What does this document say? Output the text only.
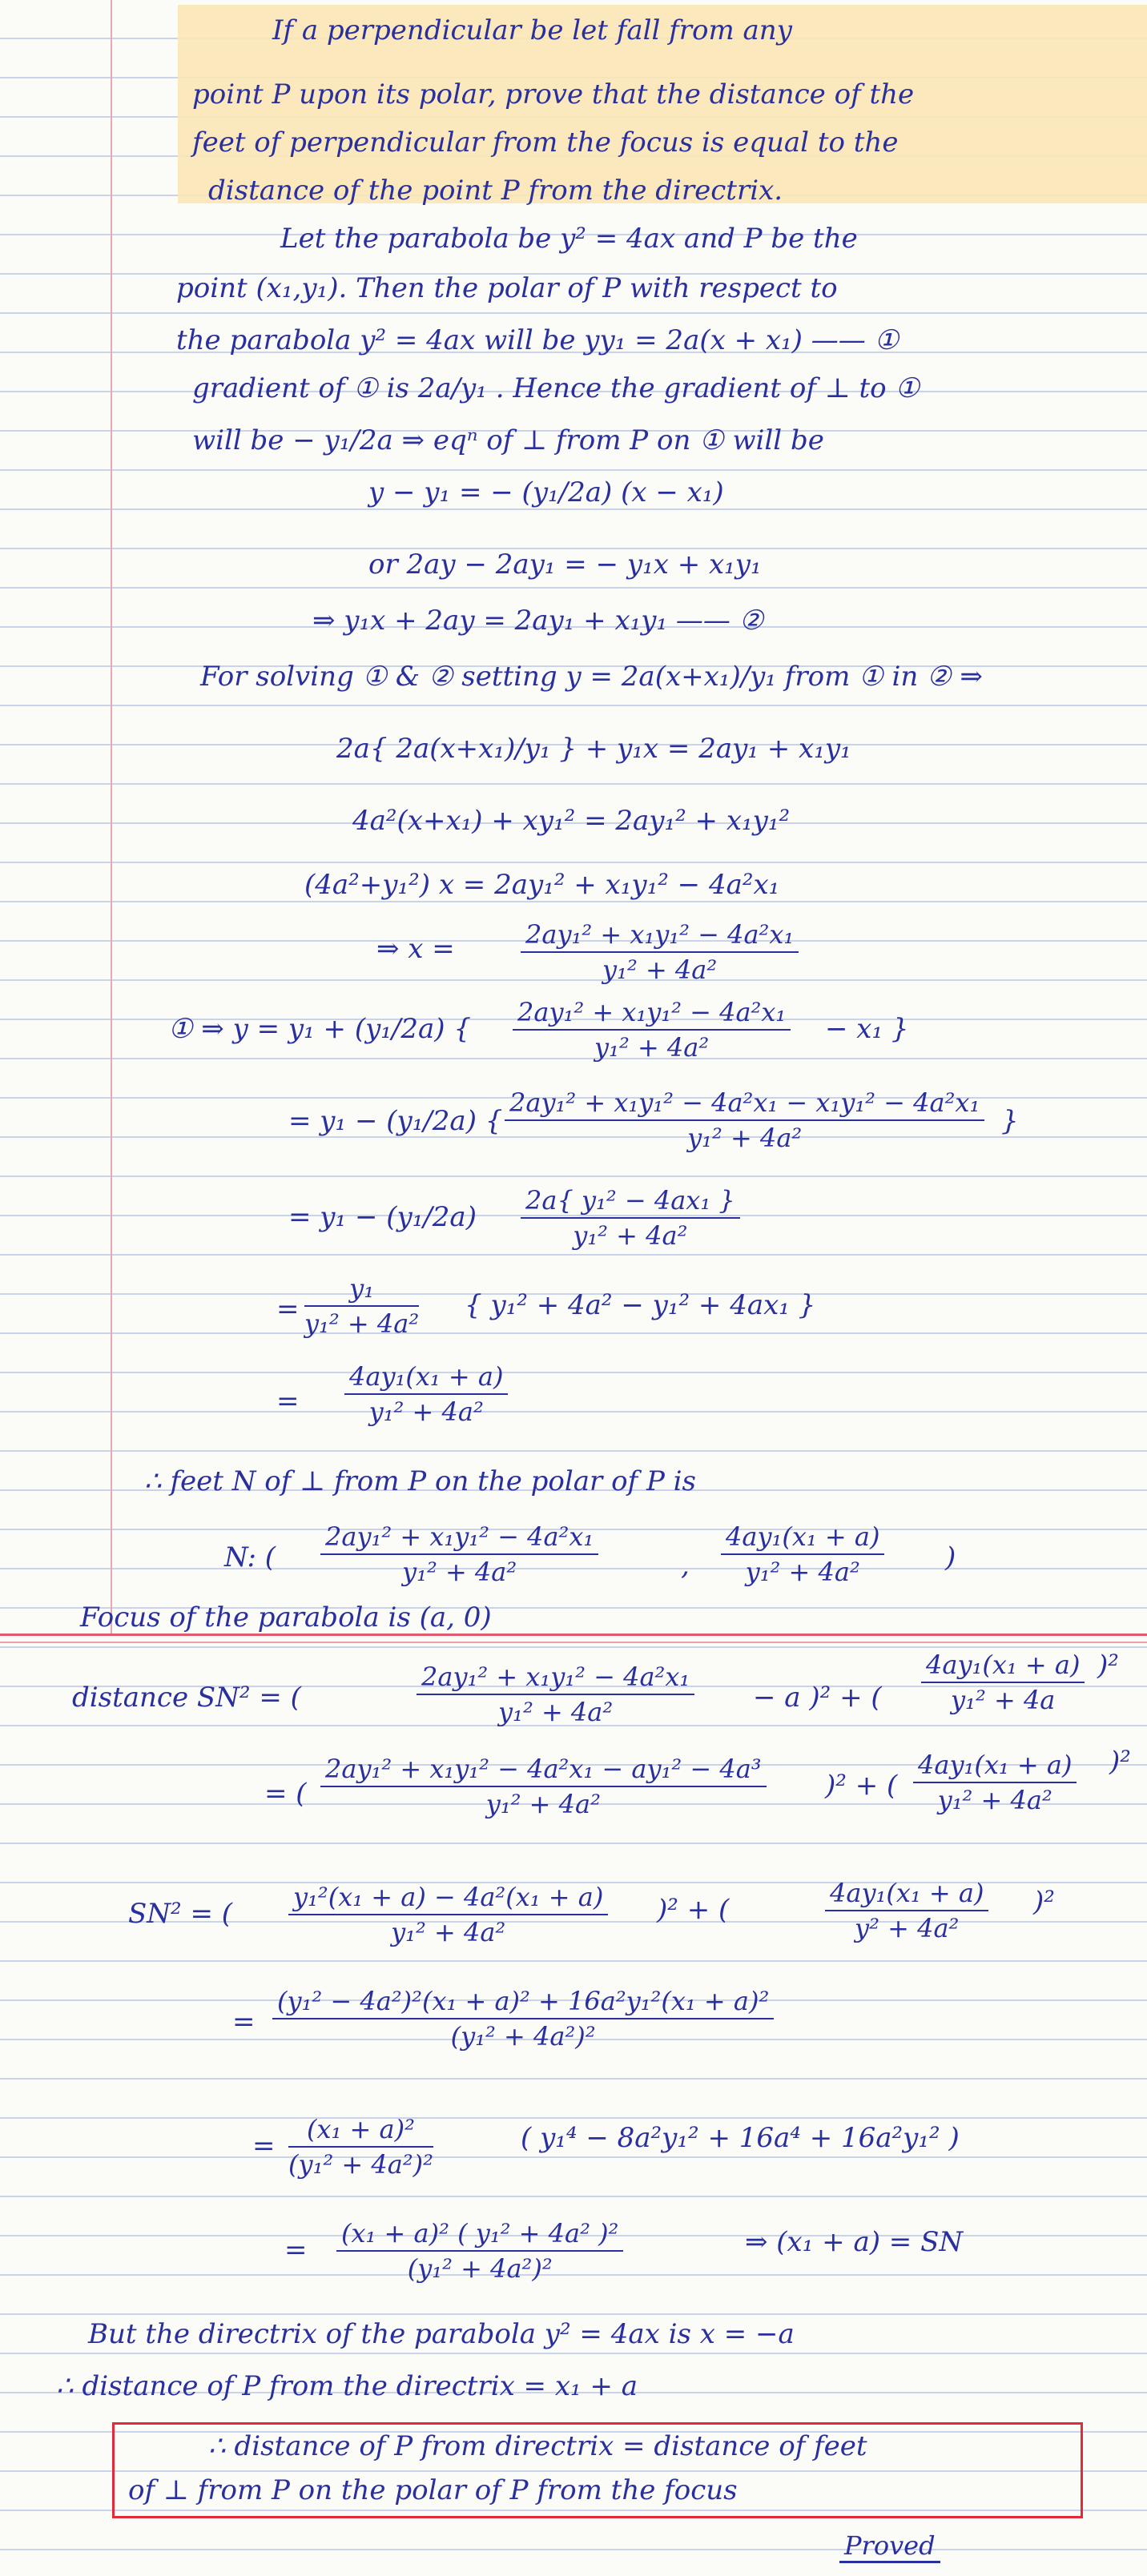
If a perpendicular be let fall from any
point P upon its polar, prove that the distance of the
feet of perpendicular from the focus is equal to the
distance of the point P from the directrix.
Let the parabola be y² = 4ax and P be the
point (x₁,y₁). Then the polar of P with respect to
the parabola y² = 4ax will be yy₁ = 2a(x + x₁) —— ①
gradient of ① is 2a/y₁ . Hence the gradient of ⊥ to ①
will be − y₁/2a ⇒ eqⁿ of ⊥ from P on ① will be
y − y₁ = − (y₁/2a) (x − x₁)
or 2ay − 2ay₁ = − y₁x + x₁y₁
⇒ y₁x + 2ay = 2ay₁ + x₁y₁ —— ②
For solving ① & ② setting y = 2a(x+x₁)/y₁ from ① in ② ⇒
2a{ 2a(x+x₁)/y₁ } + y₁x = 2ay₁ + x₁y₁
4a²(x+x₁) + xy₁² = 2ay₁² + x₁y₁²
(4a²+y₁²) x = 2ay₁² + x₁y₁² − 4a²x₁
⇒ x =	$\frac{\text{2ay₁² + x₁y₁² − 4a²x₁}}{\text{y₁² + 4a²}}$
① ⇒ y = y₁ + (y₁/2a) { $\frac{\text{2ay₁² + x₁y₁² − 4a²x₁}}{\text{y₁² + 4a²}} - x_1$ }
= y₁ − (y₁/2a) { $\frac{\text{2ay₁² + x₁y₁² − 4a²x₁ − x₁y₁² − 4a²x₁}}{\text{y₁² + 4a²}}$ }
= $y_1 - (y_1/2a) \frac{\text{2a\{ y₁² − 4ax₁ \}}}{\text{y₁² + 4a²}}$
= $\frac{\text{y₁}}{\text{y₁² + 4a²}}$ { y₁² + 4a² − y₁² + 4ax₁ }
= $\frac{\text{4ay₁(x₁ + a)}}{\text{y₁² + 4a²}}$
∴ feet N of ⊥ from P on the polar of P is
N: ( $\frac{\text{2ay₁² + x₁y₁² − 4a²x₁}}{\text{y₁² + 4a²}}$	, $\frac{\text{4ay₁(x₁ + a)}}{\text{y₁² + 4a²}}$ )
Focus of the parabola is (a, 0)
distance SN² = (	$\frac{\text{2ay₁² + x₁y₁² − 4a²x₁}}{\text{y₁² + 4a²}} - a$ )² + ( $\frac{\text{4ay₁(x₁ + a)}}{\text{y₁² + 4a}} )^2$
= ( $\frac{\text{2ay₁² + x₁y₁² − 4a²x₁ − ay₁² − 4a³}}{\text{y₁² + 4a²}} )^2$ + ( $\frac{\text{4ay₁(x₁ + a)}}{\text{y₁² + 4a²}} )^2$
SN² = ( $\frac{\text{y₁²(x₁ + a) − 4a²(x₁ + a)}}{\text{y₁² + 4a²}} )^2$ + (	$\frac{\text{4ay₁(x₁ + a)}}{\text{y² + 4a²}} )^2$
= $\frac{\text{(y₁² − 4a²)²(x₁ + a)² + 16a²y₁²(x₁ + a)²}}{\text{(y₁² + 4a²)²}}$
= $\frac{\text{(x₁ + a)²}}{\text{(y₁² + 4a²)²}}$	( y₁⁴ − 8a²y₁² + 16a⁴ + 16a²y₁² )
= $\frac{\text{(x₁ + a)² ( y₁² + 4a² )²}}{\text{(y₁² + 4a²)²}}$	⇒ (x₁ + a) = SN
But the directrix of the parabola y² = 4ax is x = −a
∴ distance of P from the directrix = x₁ + a
∴ distance of P from directrix = distance of feet
of ⊥ from P on the polar of P from the focus
Proved
